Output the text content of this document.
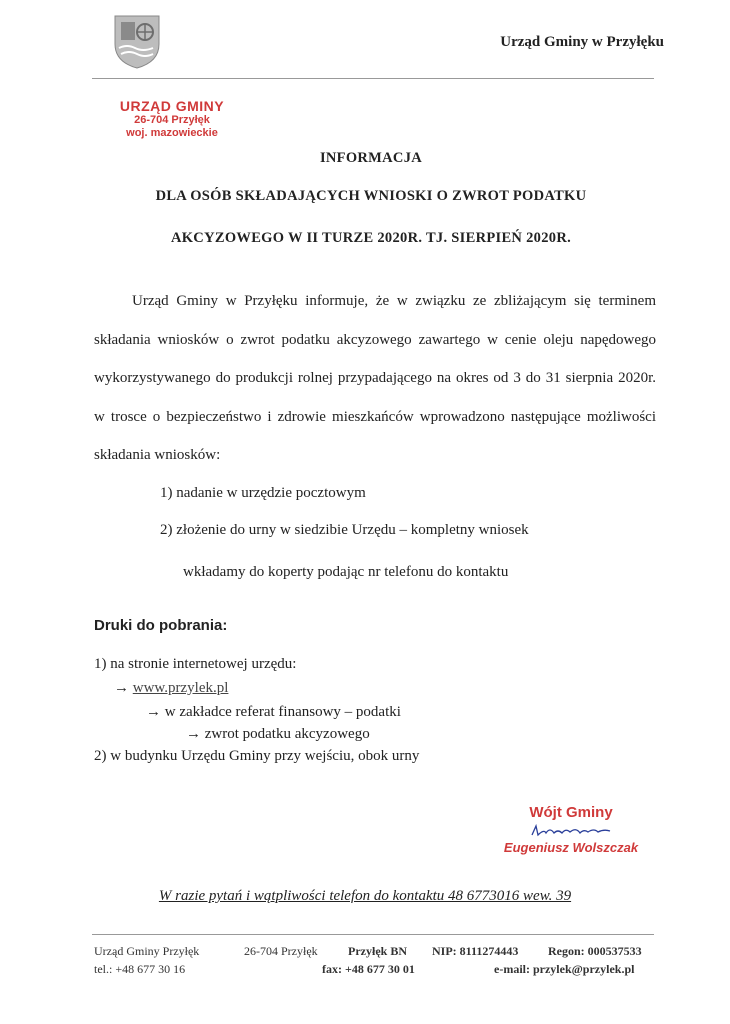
Urząd Gminy w Przyłęku
URZĄD GMINY
26-704 Przyłęk
woj. mazowieckie
INFORMACJA
DLA OSÓB SKŁADAJĄCYCH WNIOSKI O ZWROT PODATKU
AKCYZOWEGO W II TURZE 2020R. TJ. SIERPIEŃ 2020R.
Urząd Gminy w Przyłęku informuje, że w związku ze zbliżającym się terminem składania wniosków o zwrot podatku akcyzowego zawartego w cenie oleju napędowego wykorzystywanego do produkcji rolnej przypadającego na okres od 3 do 31 sierpnia 2020r. w trosce o bezpieczeństwo i zdrowie mieszkańców wprowadzono następujące możliwości składania wniosków:
1) nadanie w urzędzie pocztowym
2) złożenie do urny w siedzibie Urzędu – kompletny wniosek
wkładamy do koperty podając nr telefonu do kontaktu
Druki do pobrania:
1) na stronie internetowej urzędu:
→ www.przylek.pl
→ w zakładce referat finansowy – podatki
→ zwrot podatku akcyzowego
2) w budynku Urzędu Gminy przy wejściu, obok urny
Wójt Gminy
Eugeniusz Wolszczak
W razie pytań i wątpliwości telefon do kontaktu 48 6773016 wew. 39
Urząd Gminy Przyłęk	26-704 Przyłęk	Przyłęk BN NIP: 8111274443 Regon: 000537533
tel.: +48 677 30 16	fax: +48 677 30 01	e-mail: przylek@przylek.pl
